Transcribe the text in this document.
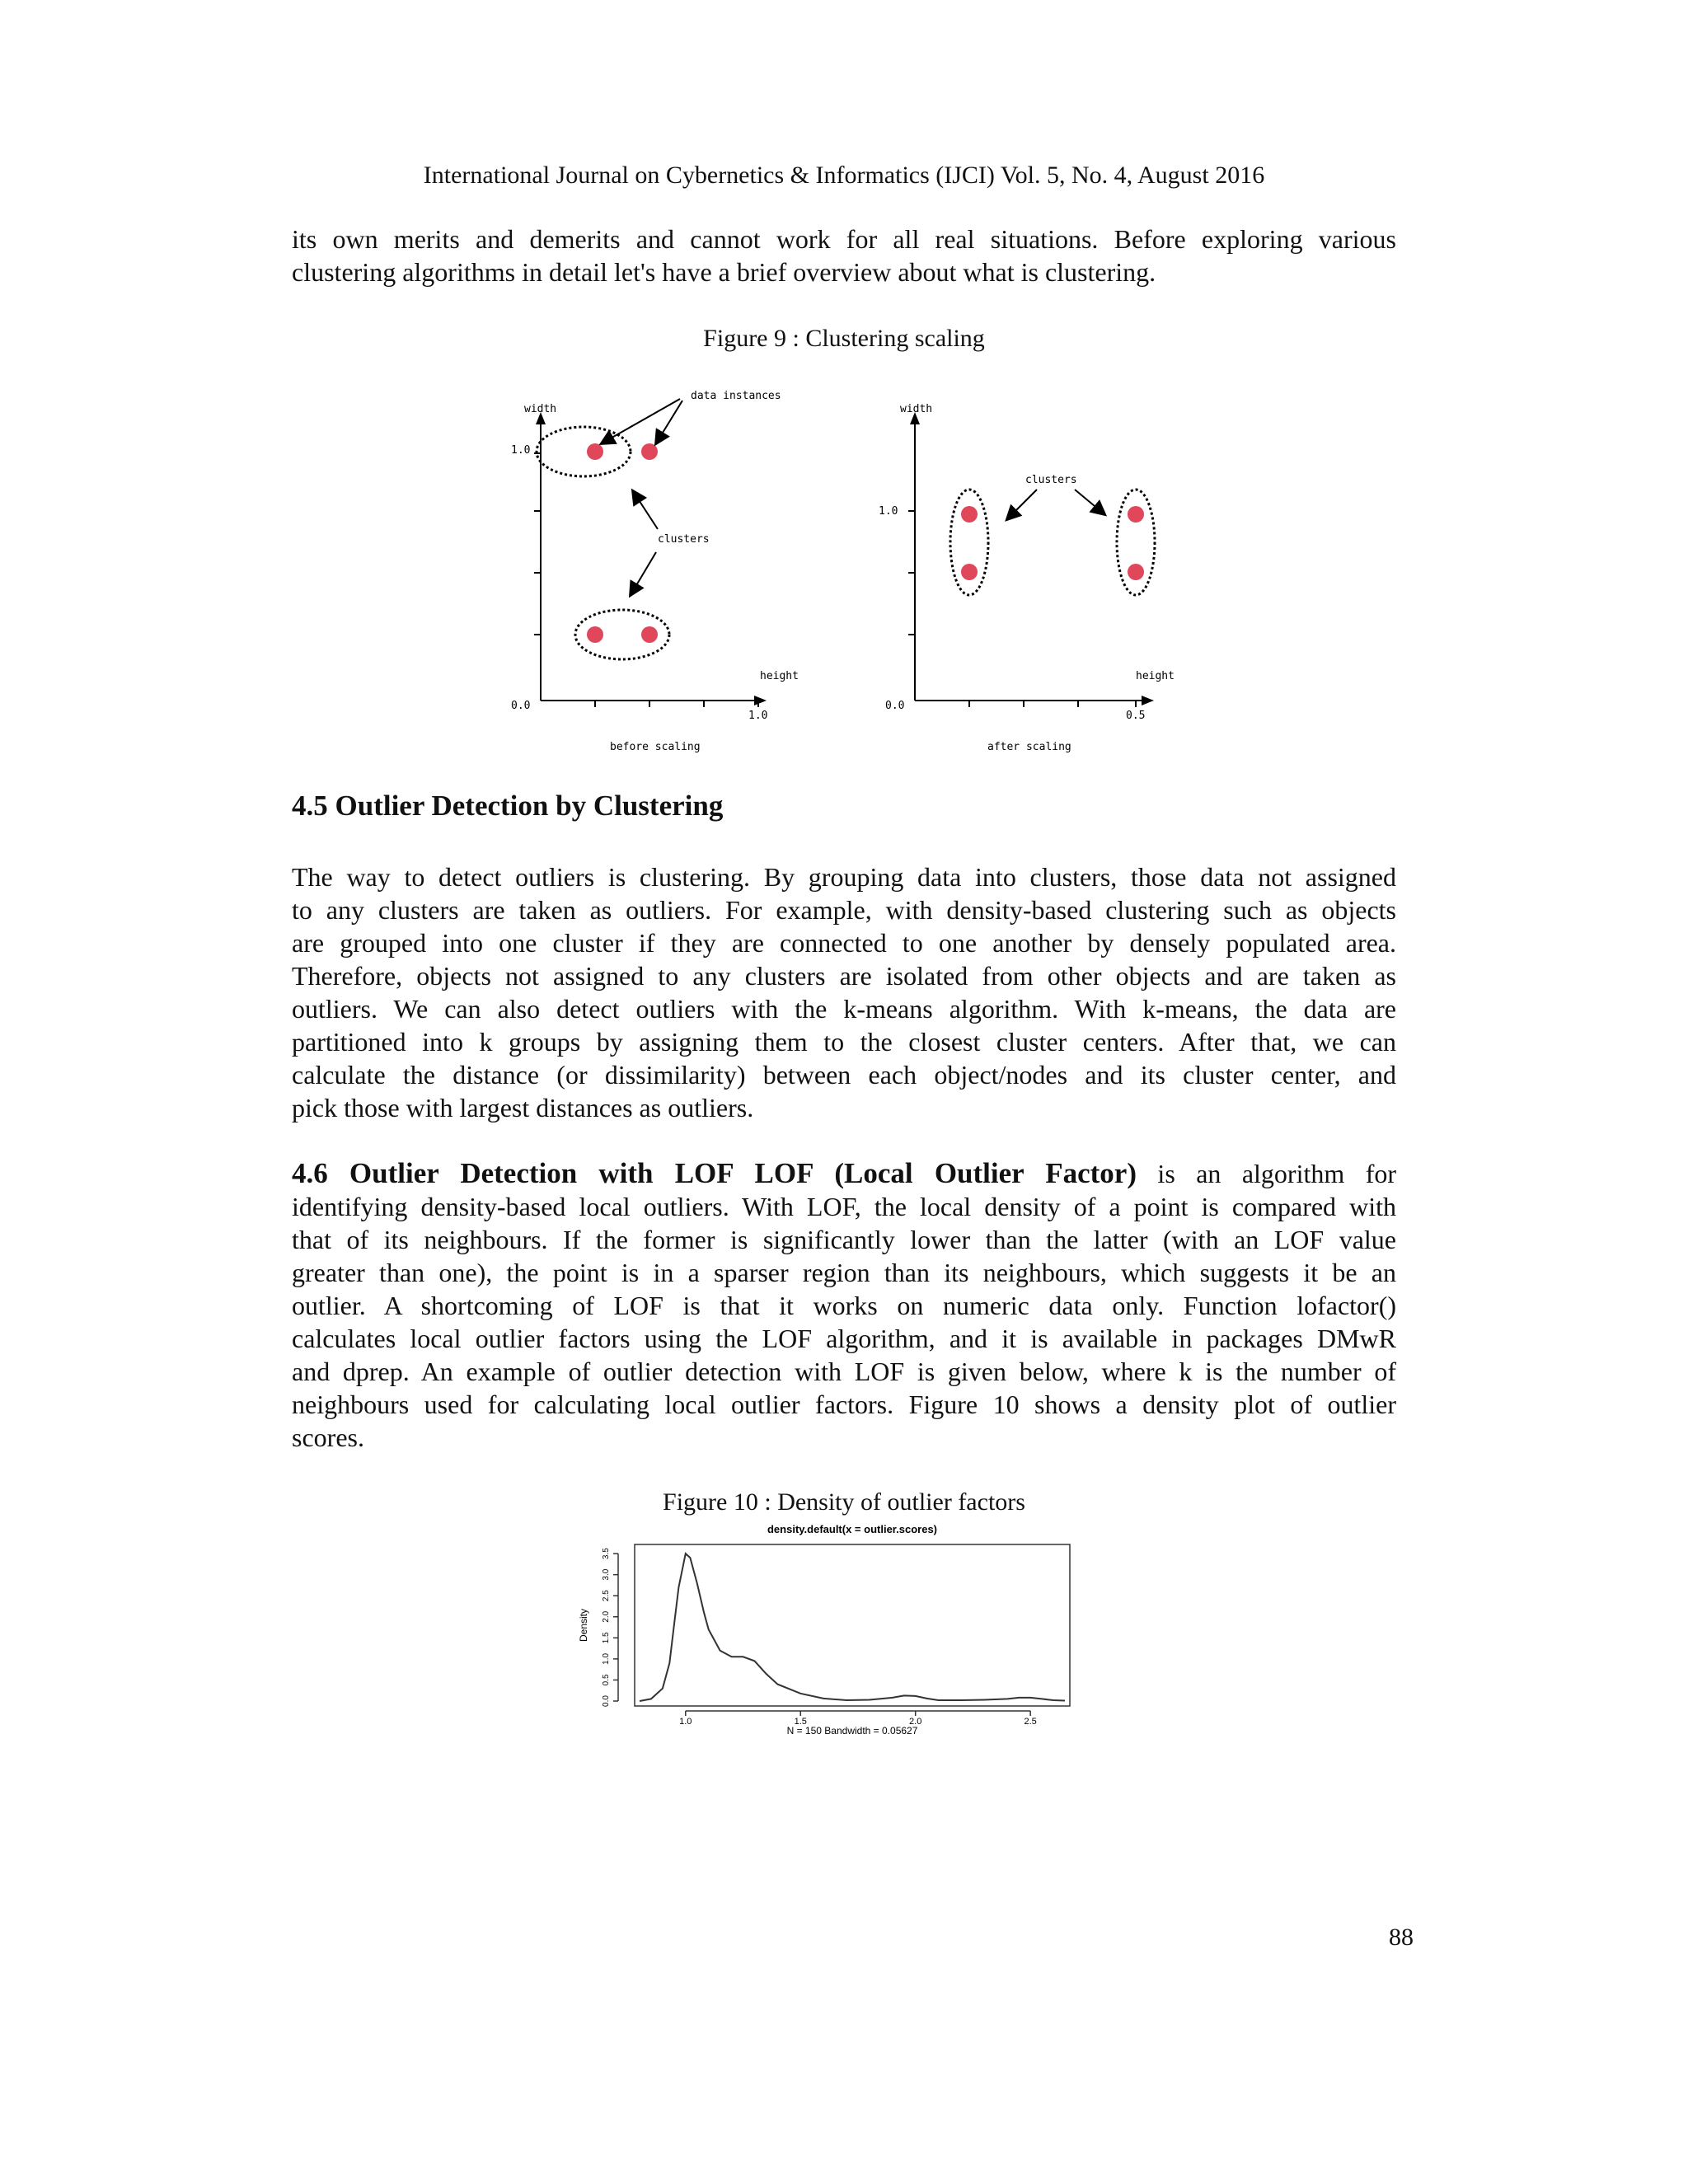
International Journal on Cybernetics & Informatics (IJCI) Vol. 5, No. 4, August 2016

its own merits and demerits and cannot work for all real situations. Before exploring various

clustering algorithms in detail let's have a brief overview about what is clustering.

Figure 9 : Clustering scaling
width
1.0
height
0.0
1.0
before scaling
data instances
clusters
width
1.0
height
0.0
0.5
after scaling
clusters
4.5 Outlier Detection by Clustering

The way to detect outliers is clustering. By grouping data into clusters, those data not assigned

to any clusters are taken as outliers. For example, with density-based clustering such as objects

are grouped into one cluster if they are connected to one another by densely populated area.

Therefore, objects not assigned to any clusters are isolated from other objects and are taken as

outliers. We can also detect outliers with the k-means algorithm. With k-means, the data are

partitioned into k groups by assigning them to the closest cluster centers. After that, we can

calculate the distance (or dissimilarity) between each object/nodes and its cluster center, and

pick those with largest distances as outliers.

4.6 Outlier Detection with LOF LOF (Local Outlier Factor) is an algorithm for

identifying density-based local outliers. With LOF, the local density of a point is compared with

that of its neighbours. If the former is significantly lower than the latter (with an LOF value

greater than one), the point is in a sparser region than its neighbours, which suggests it be an

outlier. A shortcoming of LOF is that it works on numeric data only. Function lofactor()

calculates local outlier factors using the LOF algorithm, and it is available in packages DMwR

and dprep. An example of outlier detection with LOF is given below, where k is the number of

neighbours used for calculating local outlier factors. Figure 10 shows a density plot of outlier

scores.

Figure 10 : Density of outlier factors
density.default(x = outlier.scores)
0.0
0.5
1.0
1.5
2.0
2.5
3.0
3.5
1.0	1.5	2.0	2.5
Density
N = 150 Bandwidth = 0.05627
88
